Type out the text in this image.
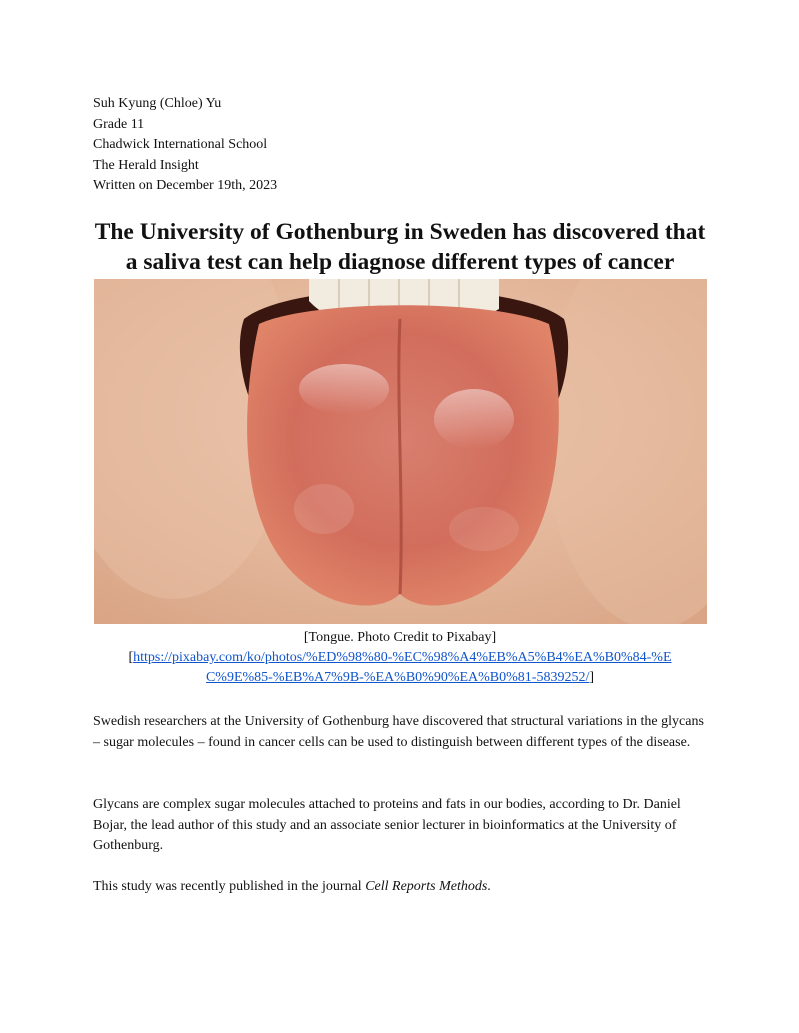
Suh Kyung (Chloe) Yu
Grade 11
Chadwick International School
The Herald Insight
Written on December 19th, 2023
The University of Gothenburg in Sweden has discovered that
a saliva test can help diagnose different types of cancer
[Tongue. Photo Credit to Pixabay]
[https://pixabay.com/ko/photos/%ED%98%80-%EC%98%A4%EB%A5%B4%EA%B0%84-%E
C%9E%85-%EB%A7%9B-%EA%B0%90%EA%B0%81-5839252/]
Swedish researchers at the University of Gothenburg have discovered that structural variations in the glycans – sugar molecules – found in cancer cells can be used to distinguish between different types of the disease.
Glycans are complex sugar molecules attached to proteins and fats in our bodies, according to Dr. Daniel Bojar, the lead author of this study and an associate senior lecturer in bioinformatics at the University of Gothenburg.
This study was recently published in the journal Cell Reports Methods.
